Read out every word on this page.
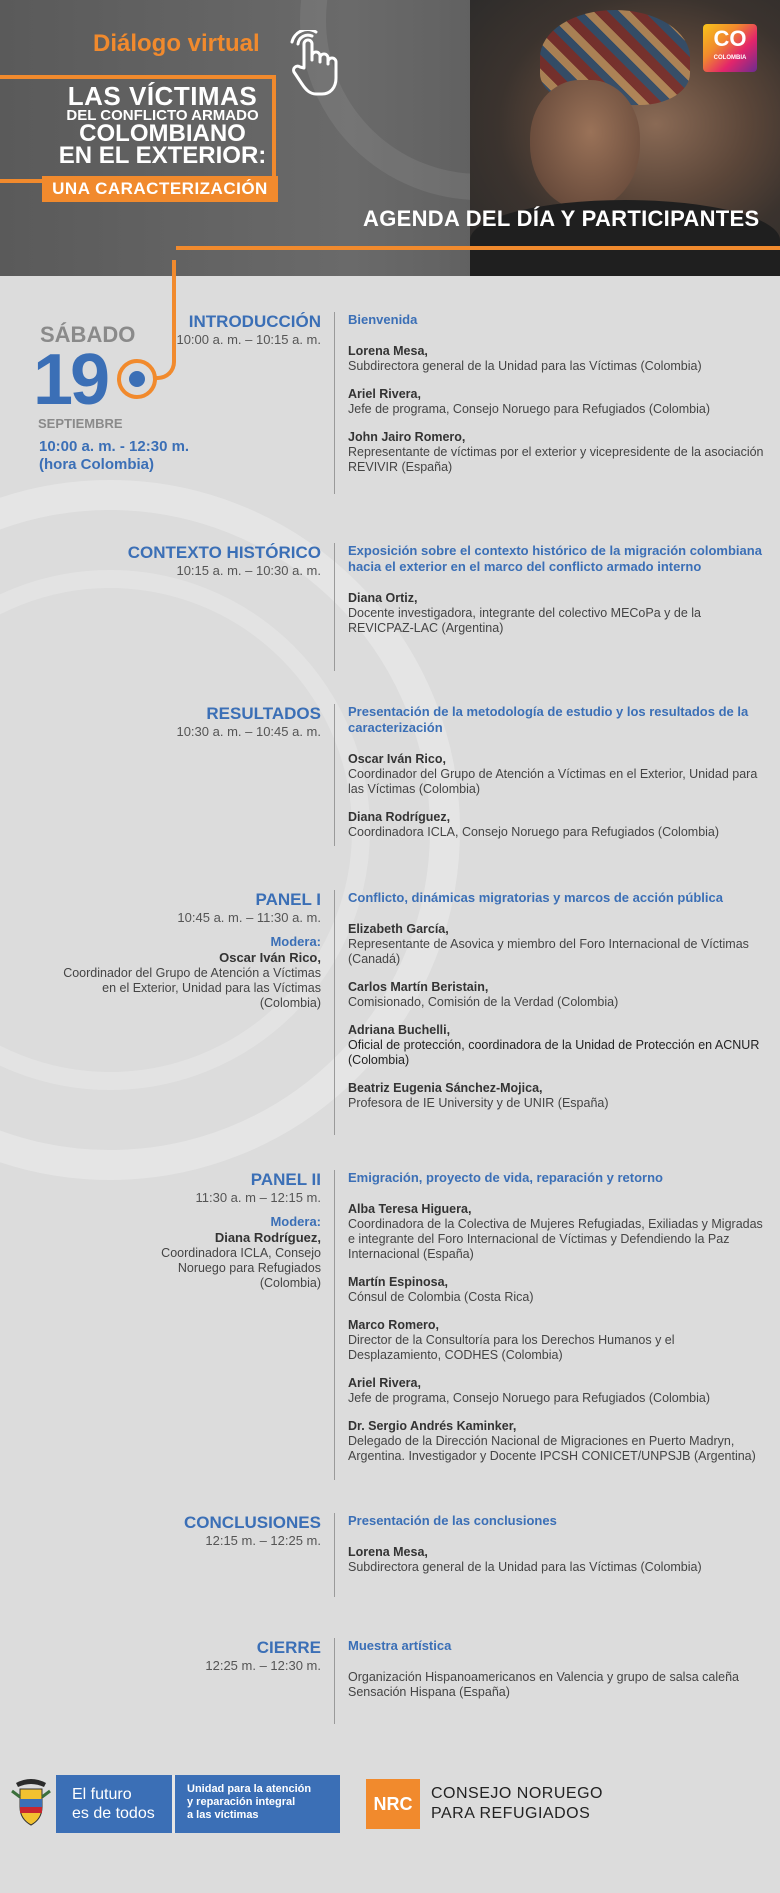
Diálogo virtual
LAS VÍCTIMAS
DEL CONFLICTO ARMADO
COLOMBIANO
EN EL EXTERIOR:
UNA CARACTERIZACIÓN
AGENDA DEL DÍA Y PARTICIPANTES
CO
COLOMBIA
SÁBADO
19
SEPTIEMBRE
10:00 a. m. - 12:30 m.
(hora Colombia)
INTRODUCCIÓN
10:00 a. m. – 10:15 a. m.
Bienvenida
Lorena Mesa,
Subdirectora general de la Unidad para las Víctimas (Colombia)
Ariel Rivera,
Jefe de programa, Consejo Noruego para Refugiados (Colombia)
John Jairo Romero,
Representante de víctimas por el exterior y vicepresidente de la asociación REVIVIR (España)
CONTEXTO HISTÓRICO
10:15 a. m. – 10:30 a. m.
Exposición sobre el contexto histórico de la migración colombiana hacia el exterior en el marco del conflicto armado interno
Diana Ortiz,
Docente investigadora, integrante del colectivo MECoPa y de la REVICPAZ-LAC (Argentina)
RESULTADOS
10:30 a. m. – 10:45 a. m.
Presentación de la metodología de estudio y los resultados de la caracterización
Oscar Iván Rico,
Coordinador del Grupo de Atención a Víctimas en el Exterior, Unidad para las Víctimas (Colombia)
Diana Rodríguez,
Coordinadora ICLA, Consejo Noruego para Refugiados (Colombia)
PANEL I
10:45 a. m. – 11:30 a. m.
Modera:
Oscar Iván Rico,
Coordinador del Grupo de Atención a Víctimas en el Exterior, Unidad para las Víctimas (Colombia)
Conflicto, dinámicas migratorias y marcos de acción pública
Elizabeth García,
Representante de Asovica y miembro del Foro Internacional de Víctimas (Canadá)
Carlos Martín Beristain,
Comisionado, Comisión de la Verdad (Colombia)
Adriana Buchelli,
Oficial de protección, coordinadora de la Unidad de Protección en ACNUR (Colombia)
Beatriz Eugenia Sánchez-Mojica,
Profesora de IE University y de UNIR (España)
PANEL II
11:30 a. m – 12:15 m.
Modera:
Diana Rodríguez,
Coordinadora ICLA, Consejo Noruego para Refugiados (Colombia)
Emigración, proyecto de vida, reparación y retorno
Alba Teresa Higuera,
Coordinadora de la Colectiva de Mujeres Refugiadas, Exiliadas y Migradas e integrante del Foro Internacional de Víctimas y Defendiendo la Paz Internacional (España)
Martín Espinosa,
Cónsul de Colombia (Costa Rica)
Marco Romero,
Director de la Consultoría para los Derechos Humanos y el Desplazamiento, CODHES (Colombia)
Ariel Rivera,
Jefe de programa, Consejo Noruego para Refugiados (Colombia)
Dr. Sergio Andrés Kaminker,
Delegado de la Dirección Nacional de Migraciones en Puerto Madryn, Argentina. Investigador y Docente IPCSH CONICET/UNPSJB (Argentina)
CONCLUSIONES
12:15 m. – 12:25 m.
Presentación de las conclusiones
Lorena Mesa,
Subdirectora general de la Unidad para las Víctimas (Colombia)
CIERRE
12:25 m. – 12:30 m.
Muestra artística
Organización Hispanoamericanos en Valencia y grupo de salsa caleña Sensación Hispana (España)
El futuro
es de todos
Unidad para la atención
y reparación integral
a las víctimas
NRC
CONSEJO NORUEGO
PARA REFUGIADOS
